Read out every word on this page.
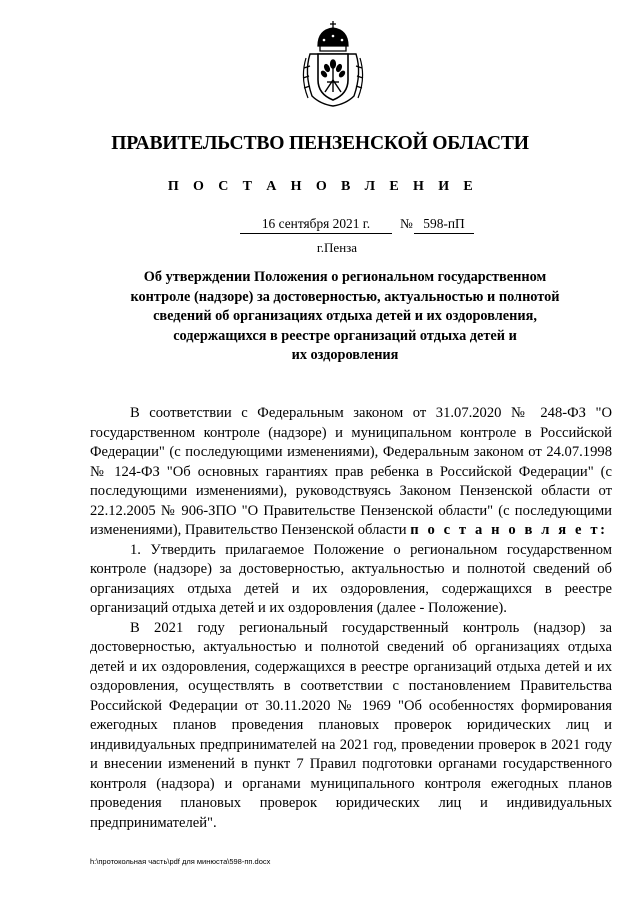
ПРАВИТЕЛЬСТВО ПЕНЗЕНСКОЙ ОБЛАСТИ
П О С Т А Н О В Л Е Н И Е
16 сентября 2021 г.	№ 598-пП
г.Пенза
Об утверждении Положения о региональном государственном
контроле (надзоре) за достоверностью, актуальностью и полнотой
сведений об организациях отдыха детей и их оздоровления,
содержащихся в реестре организаций отдыха детей и
их оздоровления

В соответствии с Федеральным законом от 31.07.2020 № 248-ФЗ "О государственном контроле (надзоре) и муниципальном контроле в Российской Федерации" (с последующими изменениями), Федеральным законом от 24.07.1998 № 124-ФЗ "Об основных гарантиях прав ребенка в Российской Федерации" (с последующими изменениями), руководствуясь Законом Пензенской области от 22.12.2005 № 906-ЗПО "О Правительстве Пензенской области" (с последующими изменениями), Правительство Пензенской области п о с т а н о в л я е т:

1. Утвердить прилагаемое Положение о региональном государственном контроле (надзоре) за достоверностью, актуальностью и полнотой сведений об организациях отдыха детей и их оздоровления, содержащихся в реестре организаций отдыха детей и их оздоровления (далее - Положение).

В 2021 году региональный государственный контроль (надзор) за достоверностью, актуальностью и полнотой сведений об организациях отдыха детей и их оздоровления, содержащихся в реестре организаций отдыха детей и их оздоровления, осуществлять в соответствии с постановлением Правительства Российской Федерации от 30.11.2020 № 1969 "Об особенностях формирования ежегодных планов проведения плановых проверок юридических лиц и индивидуальных предпринимателей на 2021 год, проведении проверок в 2021 году и внесении изменений в пункт 7 Правил подготовки органами государственного контроля (надзора) и органами муниципального контроля ежегодных планов проведения плановых проверок юридических лиц и индивидуальных предпринимателей".

h:\протокольная часть\pdf для минюста\598-пп.docx
